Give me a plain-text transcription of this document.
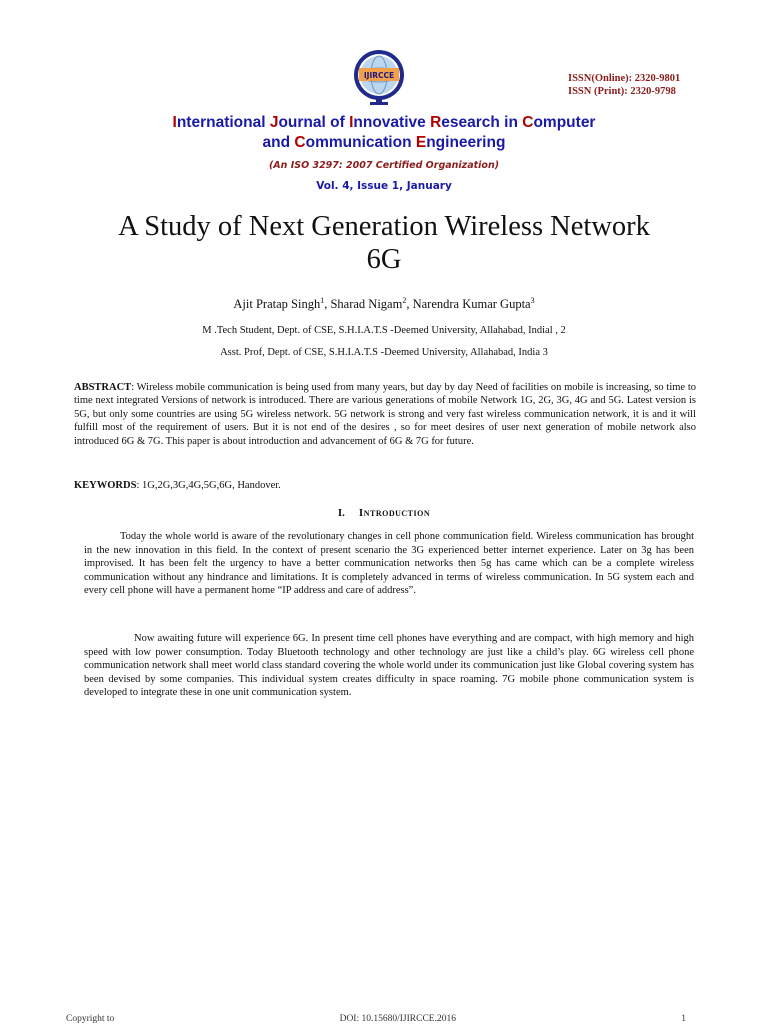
IJIRCCE	ISSN(Online): 2320-9801
ISSN (Print): 2320-9798
International Journal of Innovative Research in Computer
and Communication Engineering
(An ISO 3297: 2007 Certified Organization)
Vol. 4, Issue 1, January
A Study of Next Generation Wireless Network
6G
Ajit Pratap Singh$^1$, Sharad Nigam$^2$, Narendra Kumar Gupta$^3$
M .Tech Student, Dept. of CSE, S.H.I.A.T.S -Deemed University, Allahabad, Indial , 2
Asst. Prof, Dept. of CSE, S.H.I.A.T.S -Deemed University, Allahabad, India 3
ABSTRACT: Wireless mobile communication is being used from many years, but day by day Need of facilities on mobile is increasing, so time to time next integrated Versions of network is introduced. There are various generations of mobile Network 1G, 2G, 3G, 4G and 5G. Latest version is 5G, but only some countries are using 5G wireless network. 5G network is strong and very fast wireless communication network, it is and it will fulfill most of the requirement of users. But it is not end of the desires , so for meet desires of user next generation of mobile network also introduced 6G & 7G. This paper is about introduction and advancement of 6G & 7G for future.
KEYWORDS: 1G,2G,3G,4G,5G,6G, Handover.
I. Introduction

Today the whole world is aware of the revolutionary changes in cell phone communication field. Wireless communication has brought in the new innovation in this field. In the context of present scenario the 3G experienced better internet experience. Later on 3g has been improvised. It has been felt the urgency to have a better communication networks then 5g has came which can be a complete wireless communication without any hindrance and limitations. It is completely advanced in terms of wireless communication. In 5G system each and every cell phone will have a permanent home “IP address and care of address”.

Now awaiting future will experience 6G. In present time cell phones have everything and are compact, with high memory and high speed with low power consumption. Today Bluetooth technology and other technology are just like a child’s play. 6G wireless cell phone communication network shall meet world class standard covering the whole world under its communication just like Global covering system has been devised by some companies. This individual system creates difficulty in space roaming. 7G mobile phone communication system is developed to integrate these in one unit communication system.

Copyright to	DOI: 10.15680/IJIRCCE.2016	1
